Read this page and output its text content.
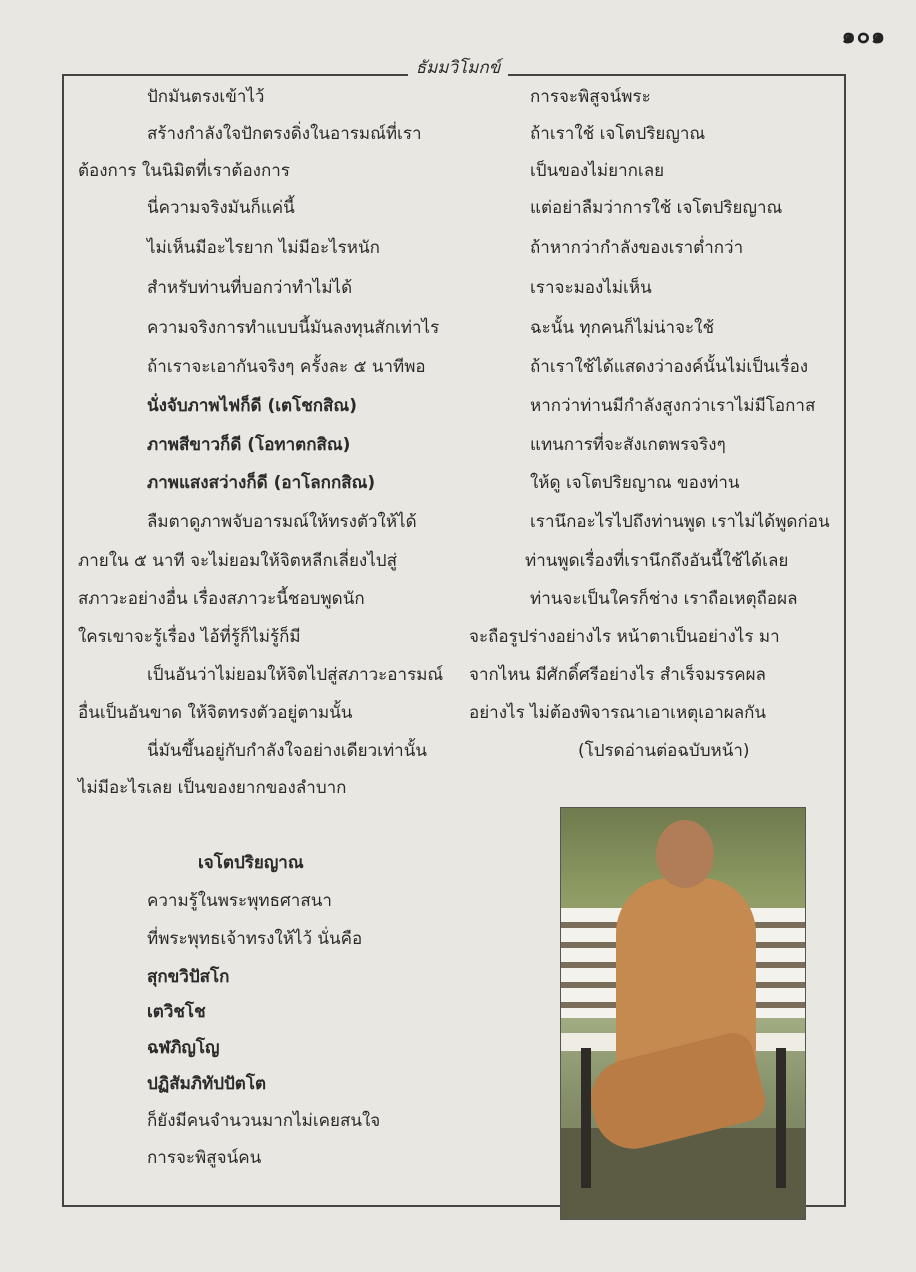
๑๐๑
ธัมมวิโมกข์
ปักมันตรงเข้าไว้
สร้างกำลังใจปักตรงดิ่งในอารมณ์ที่เรา
ต้องการ ในนิมิตที่เราต้องการ
นี่ความจริงมันก็แค่นี้
ไม่เห็นมีอะไรยาก ไม่มีอะไรหนัก
สำหรับท่านที่บอกว่าทำไม่ได้
ความจริงการทำแบบนี้มันลงทุนสักเท่าไร
ถ้าเราจะเอากันจริงๆ ครั้งละ ๕ นาทีพอ
นั่งจับภาพไฟก็ดี (เตโชกสิณ)
ภาพสีขาวก็ดี (โอทาตกสิณ)
ภาพแสงสว่างก็ดี (อาโลกกสิณ)
ลืมตาดูภาพจับอารมณ์ให้ทรงตัวให้ได้
ภายใน ๕ นาที จะไม่ยอมให้จิตหลีกเลี่ยงไปสู่
สภาวะอย่างอื่น เรื่องสภาวะนี้ชอบพูดนัก
ใครเขาจะรู้เรื่อง ไอ้ที่รู้ก็ไม่รู้ก็มี
เป็นอันว่าไม่ยอมให้จิตไปสู่สภาวะอารมณ์
อื่นเป็นอันขาด ให้จิตทรงตัวอยู่ตามนั้น
นี่มันขึ้นอยู่กับกำลังใจอย่างเดียวเท่านั้น
ไม่มีอะไรเลย เป็นของยากของลำบาก
เจโตปริยญาณ
ความรู้ในพระพุทธศาสนา
ที่พระพุทธเจ้าทรงให้ไว้ นั่นคือ
สุกขวิปัสโก
เตวิชโช
ฉฬภิญโญ
ปฏิสัมภิทัปปัตโต
ก็ยังมีคนจำนวนมากไม่เคยสนใจ
การจะพิสูจน์คน
การจะพิสูจน์พระ
ถ้าเราใช้ เจโตปริยญาณ
เป็นของไม่ยากเลย
แต่อย่าลืมว่าการใช้ เจโตปริยญาณ
ถ้าหากว่ากำลังของเราต่ำกว่า
เราจะมองไม่เห็น
ฉะนั้น ทุกคนก็ไม่น่าจะใช้
ถ้าเราใช้ได้แสดงว่าองค์นั้นไม่เป็นเรื่อง
หากว่าท่านมีกำลังสูงกว่าเราไม่มีโอกาส
แทนการที่จะสังเกตพรจริงๆ
ให้ดู เจโตปริยญาณ ของท่าน
เรานึกอะไรไปถึงท่านพูด เราไม่ได้พูดก่อน
ท่านพูดเรื่องที่เรานึกถึงอันนี้ใช้ได้เลย
ท่านจะเป็นใครก็ช่าง เราถือเหตุถือผล
จะถือรูปร่างอย่างไร หน้าตาเป็นอย่างไร มา
จากไหน มีศักดิ์ศรีอย่างไร สำเร็จมรรคผล
อย่างไร ไม่ต้องพิจารณาเอาเหตุเอาผลกัน
(โปรดอ่านต่อฉบับหน้า)
